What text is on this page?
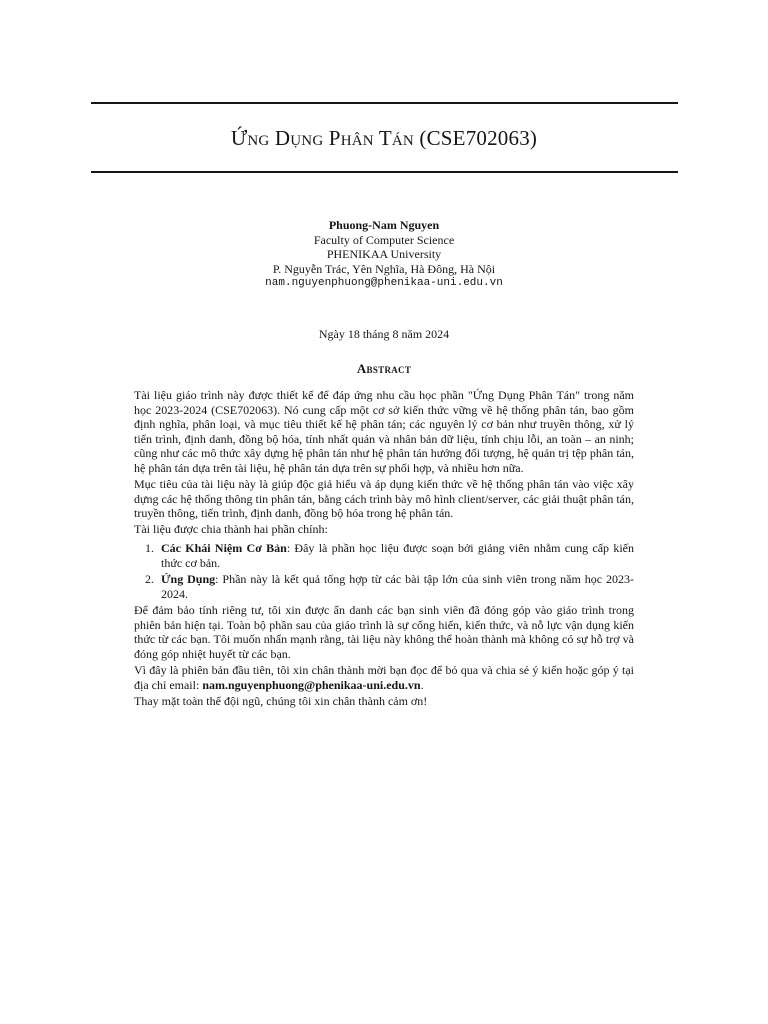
Ứng Dụng Phân Tán (CSE702063)
Phuong-Nam Nguyen
Faculty of Computer Science
PHENIKAA University
P. Nguyễn Trác, Yên Nghĩa, Hà Đông, Hà Nội
nam.nguyenphuong@phenikaa-uni.edu.vn
Ngày 18 tháng 8 năm 2024
Abstract

Tài liệu giáo trình này được thiết kế để đáp ứng nhu cầu học phần "Ứng Dụng Phân Tán" trong năm học 2023-2024 (CSE702063). Nó cung cấp một cơ sở kiến thức vững về hệ thống phân tán, bao gồm định nghĩa, phân loại, và mục tiêu thiết kế hệ phân tán; các nguyên lý cơ bản như truyền thông, xử lý tiến trình, định danh, đồng bộ hóa, tính nhất quán và nhân bản dữ liệu, tính chịu lỗi, an toàn – an ninh; cũng như các mô thức xây dựng hệ phân tán như hệ phân tán hướng đối tượng, hệ quản trị tệp phân tán, hệ phân tán dựa trên tài liệu, hệ phân tán dựa trên sự phối hợp, và nhiều hơn nữa.

Mục tiêu của tài liệu này là giúp độc giả hiểu và áp dụng kiến thức về hệ thống phân tán vào việc xây dựng các hệ thống thông tin phân tán, bằng cách trình bày mô hình client/server, các giải thuật phân tán, truyền thông, tiến trình, định danh, đồng bộ hóa trong hệ phân tán.

Tài liệu được chia thành hai phần chính:

1. Các Khái Niệm Cơ Bản: Đây là phần học liệu được soạn bởi giảng viên nhằm cung cấp kiến thức cơ bản.
2. Ứng Dụng: Phần này là kết quả tổng hợp từ các bài tập lớn của sinh viên trong năm học 2023-2024.

Để đảm bảo tính riêng tư, tôi xin được ẩn danh các bạn sinh viên đã đóng góp vào giáo trình trong phiên bản hiện tại. Toàn bộ phần sau của giáo trình là sự cống hiến, kiến thức, và nỗ lực vận dụng kiến thức từ các bạn. Tôi muốn nhấn mạnh rằng, tài liệu này không thể hoàn thành mà không có sự hỗ trợ và đóng góp nhiệt huyết từ các bạn.

Vì đây là phiên bản đầu tiên, tôi xin chân thành mời bạn đọc để bỏ qua và chia sẻ ý kiến hoặc góp ý tại địa chỉ email: nam.nguyenphuong@phenikaa-uni.edu.vn.

Thay mặt toàn thể đội ngũ, chúng tôi xin chân thành cảm ơn!
